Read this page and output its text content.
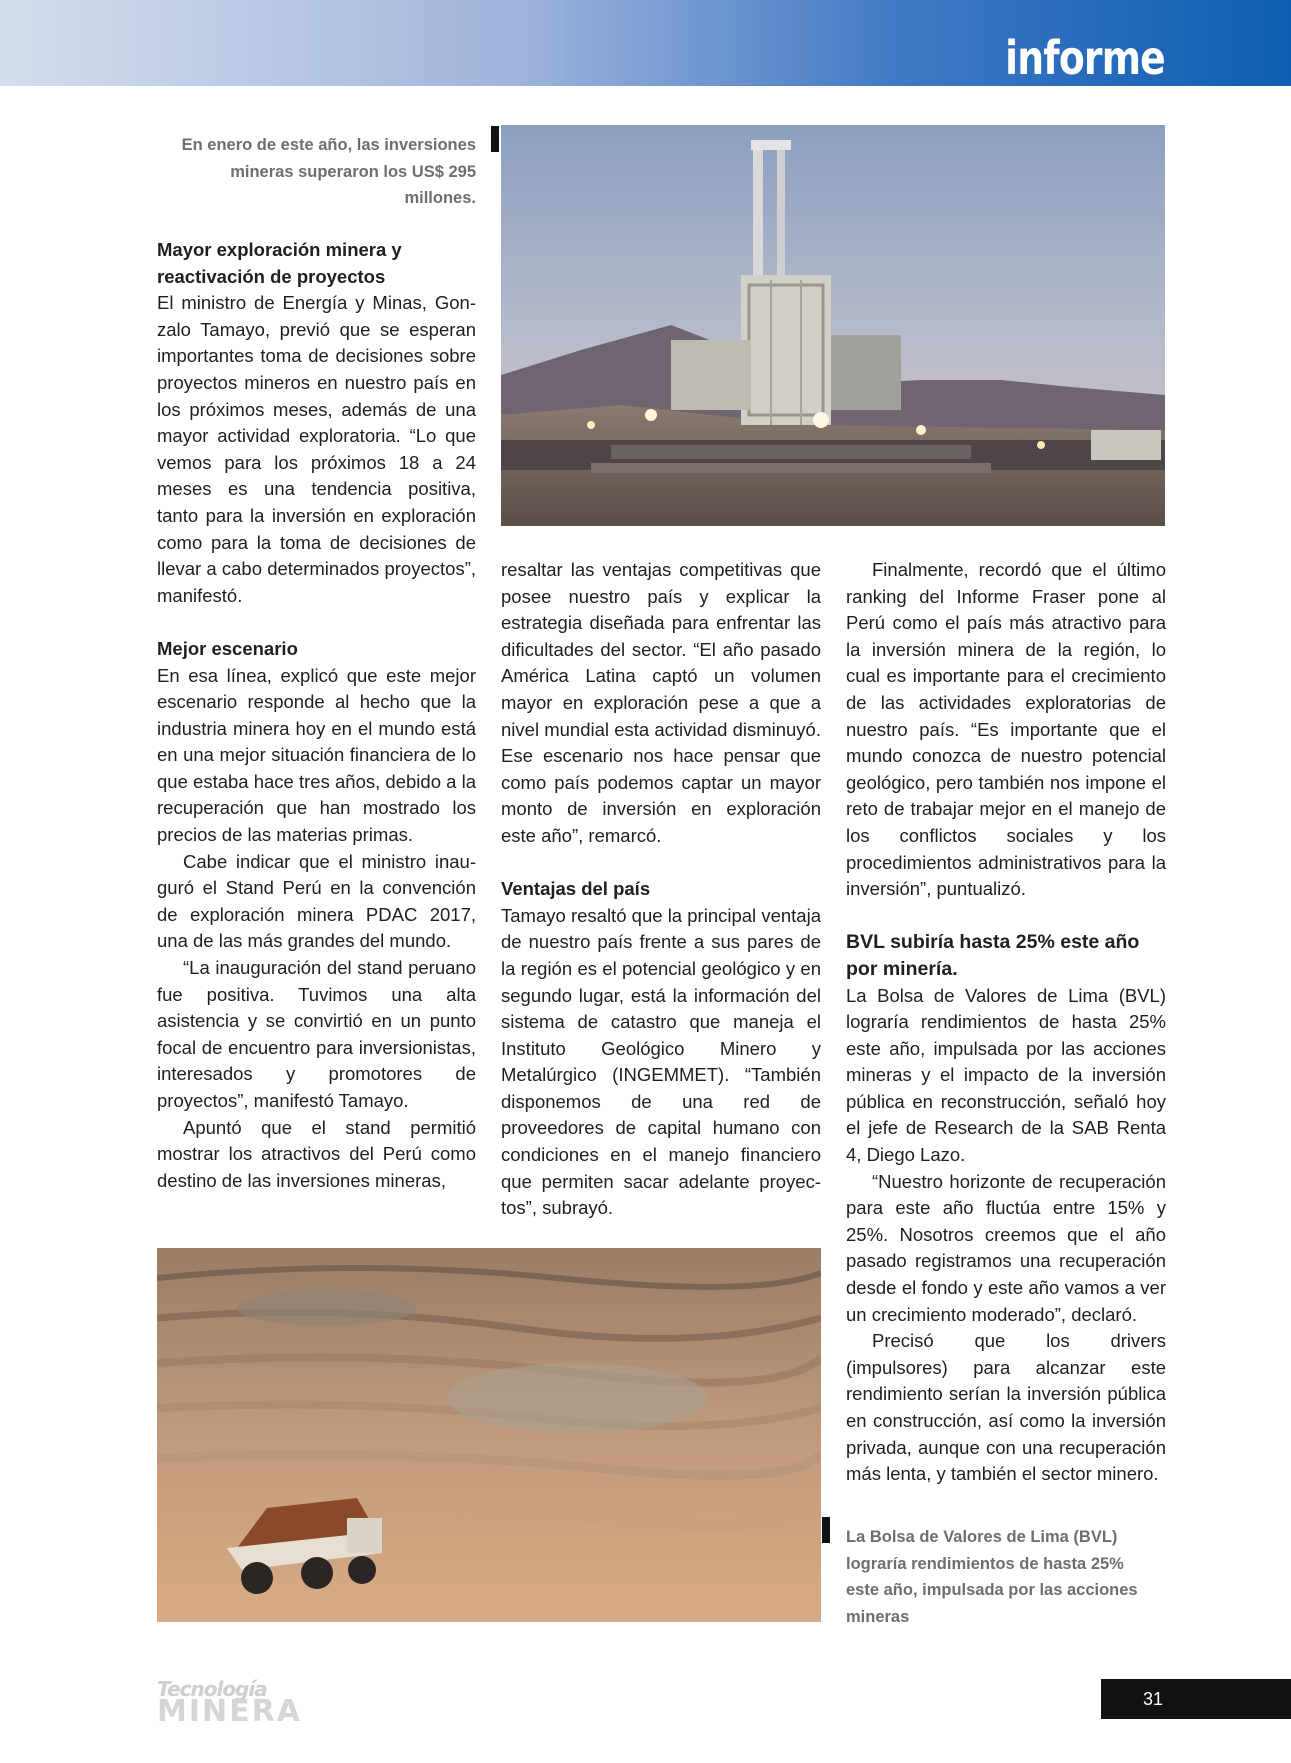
informe
En enero de este año, las inversiones mineras superaron los US$ 295 millones.
Mayor exploración minera y reactivación de proyectos

El ministro de Energía y Minas, Gonzalo Tamayo, previó que se esperan importantes toma de decisiones sobre proyectos mineros en nuestro país en los próximos meses, además de una mayor actividad exploratoria. “Lo que vemos para los próximos 18 a 24 meses es una tendencia positiva, tanto para la inversión en exploración como para la toma de decisiones de llevar a cabo determinados proyectos”, manifestó.

Mejor escenario

En esa línea, explicó que este mejor escenario responde al hecho que la industria minera hoy en el mundo está en una mejor situación financiera de lo que estaba hace tres años, debido a la recuperación que han mostrado los precios de las materias primas.

Cabe indicar que el ministro inauguró el Stand Perú en la convención de exploración minera PDAC 2017, una de las más grandes del mundo.

“La inauguración del stand peruano fue positiva. Tuvimos una alta asistencia y se convirtió en un punto focal de encuentro para inversionistas, interesados y promotores de proyectos”, manifestó Tamayo.

Apuntó que el stand permitió mostrar los atractivos del Perú como destino de las inversiones mineras,

resaltar las ventajas competitivas que posee nuestro país y explicar la estrategia diseñada para enfrentar las dificultades del sector. “El año pasado América Latina captó un volumen mayor en exploración pese a que a nivel mundial esta actividad disminuyó. Ese escenario nos hace pensar que como país podemos captar un mayor monto de inversión en exploración este año”, remarcó.

Ventajas del país

Tamayo resaltó que la principal ventaja de nuestro país frente a sus pares de la región es el potencial geológico y en segundo lugar, está la información del sistema de catastro que maneja el Instituto Geológico Minero y Metalúrgico (INGEMMET). “También disponemos de una red de proveedores de capital humano con condiciones en el manejo financiero que permiten sacar adelante proyectos”, subrayó.

Finalmente, recordó que el último ranking del Informe Fraser pone al Perú como el país más atractivo para la inversión minera de la región, lo cual es importante para el crecimiento de las actividades exploratorias de nuestro país. “Es importante que el mundo conozca de nuestro potencial geológico, pero también nos impone el reto de trabajar mejor en el manejo de los conflictos sociales y los procedimientos administrativos para la inversión”, puntualizó.

BVL subiría hasta 25% este año por minería.

La Bolsa de Valores de Lima (BVL) lograría rendimientos de hasta 25% este año, impulsada por las acciones mineras y el impacto de la inversión pública en reconstrucción, señaló hoy el jefe de Research de la SAB Renta 4, Diego Lazo.

“Nuestro horizonte de recuperación para este año fluctúa entre 15% y 25%. Nosotros creemos que el año pasado registramos una recuperación desde el fondo y este año vamos a ver un crecimiento moderado”, declaró.

Precisó que los drivers (impulsores) para alcanzar este rendimiento serían la inversión pública en construcción, así como la inversión privada, aunque con una recuperación más lenta, y también el sector minero.

La Bolsa de Valores de Lima (BVL) lograría rendimientos de hasta 25% este año, impulsada por las acciones mineras
Tecnología
MINERA	31
